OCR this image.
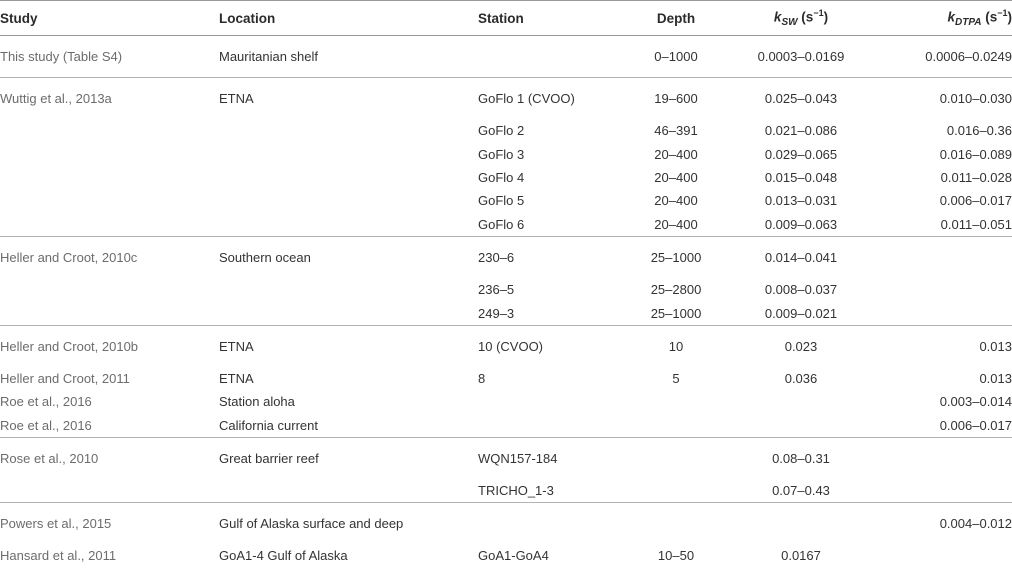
Study	Location	Station	Depth	$k_{SW}$ $(s^{-1})$	$k_{DTPA}$ $(s^{-1})$
This study (Table S4)	Mauritanian shelf		0–1000	0.0003–0.0169	0.0006–0.0249
Wuttig et al., 2013a	ETNA	GoFlo 1 (CVOO)	19–600	0.025–0.043	0.010–0.030
		GoFlo 2	46–391	0.021–0.086	0.016–0.36
		GoFlo 3	20–400	0.029–0.065	0.016–0.089
		GoFlo 4	20–400	0.015–0.048	0.011–0.028
		GoFlo 5	20–400	0.013–0.031	0.006–0.017
		GoFlo 6	20–400	0.009–0.063	0.011–0.051
Heller and Croot, 2010c	Southern ocean	230–6	25–1000	0.014–0.041	
		236–5	25–2800	0.008–0.037	
		249–3	25–1000	0.009–0.021	
Heller and Croot, 2010b	ETNA	10 (CVOO)	10	0.023	0.013
Heller and Croot, 2011	ETNA	8	5	0.036	0.013
Roe et al., 2016	Station aloha				0.003–0.014
Roe et al., 2016	California current				0.006–0.017
Rose et al., 2010	Great barrier reef	WQN157-184		0.08–0.31	
		TRICHO_1-3		0.07–0.43	
Powers et al., 2015	Gulf of Alaska surface and deep				0.004–0.012
Hansard et al., 2011	GoA1-4 Gulf of Alaska	GoA1-GoA4	10–50	0.0167	
